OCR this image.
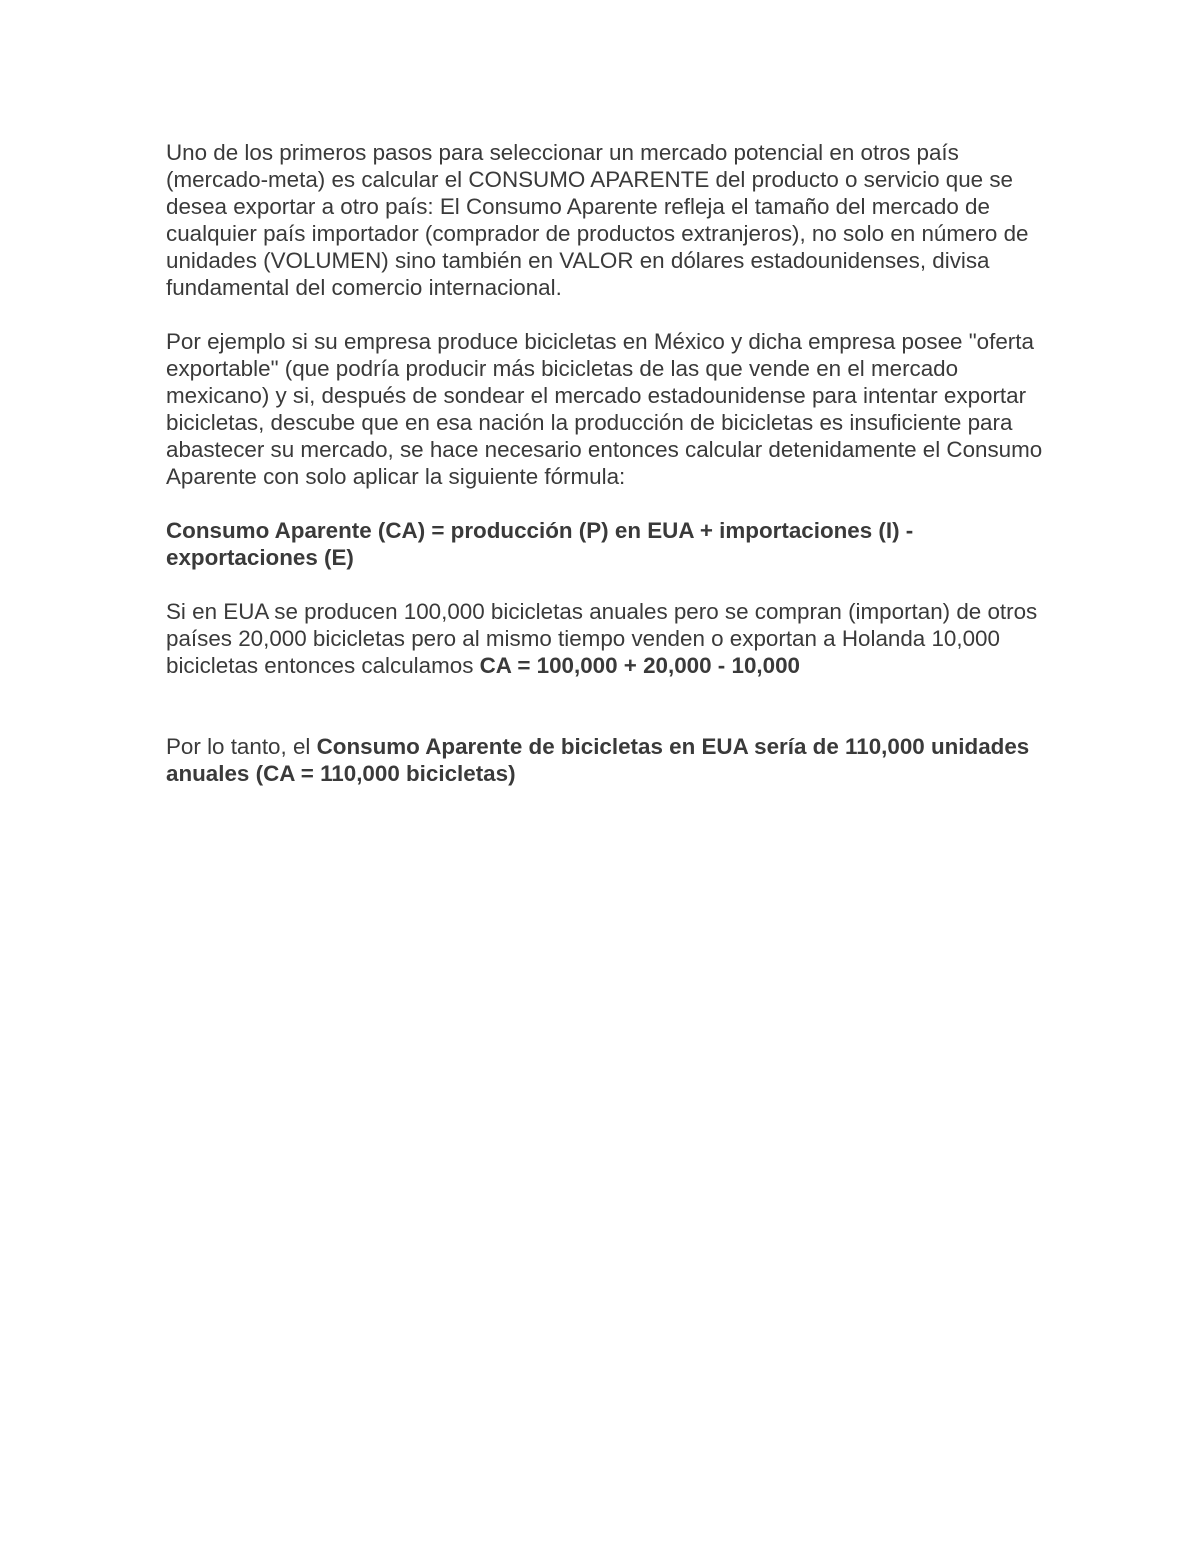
Uno de los primeros pasos para seleccionar un mercado potencial en otros país (mercado-meta) es calcular el CONSUMO APARENTE del producto o servicio que se desea exportar a otro país: El Consumo Aparente refleja el tamaño del mercado de cualquier país importador (comprador de productos extranjeros), no solo en número de unidades (VOLUMEN) sino también en VALOR en dólares estadounidenses, divisa fundamental del comercio internacional.

Por ejemplo si su empresa produce bicicletas en México y dicha empresa posee "oferta exportable" (que podría producir más bicicletas de las que vende en el mercado mexicano) y si, después de sondear el mercado estadounidense para intentar exportar bicicletas, descube que en esa nación la producción de bicicletas es insuficiente para abastecer su mercado, se hace necesario entonces calcular detenidamente el Consumo Aparente con solo aplicar la siguiente fórmula:

Consumo Aparente (CA) = producción (P) en EUA + importaciones (I) - exportaciones (E)

Si en EUA se producen 100,000 bicicletas anuales pero se compran (importan) de otros países 20,000 bicicletas pero al mismo tiempo venden o exportan a Holanda 10,000 bicicletas entonces calculamos CA = 100,000 + 20,000 - 10,000

Por lo tanto, el Consumo Aparente de bicicletas en EUA sería de 110,000 unidades anuales (CA = 110,000 bicicletas)
